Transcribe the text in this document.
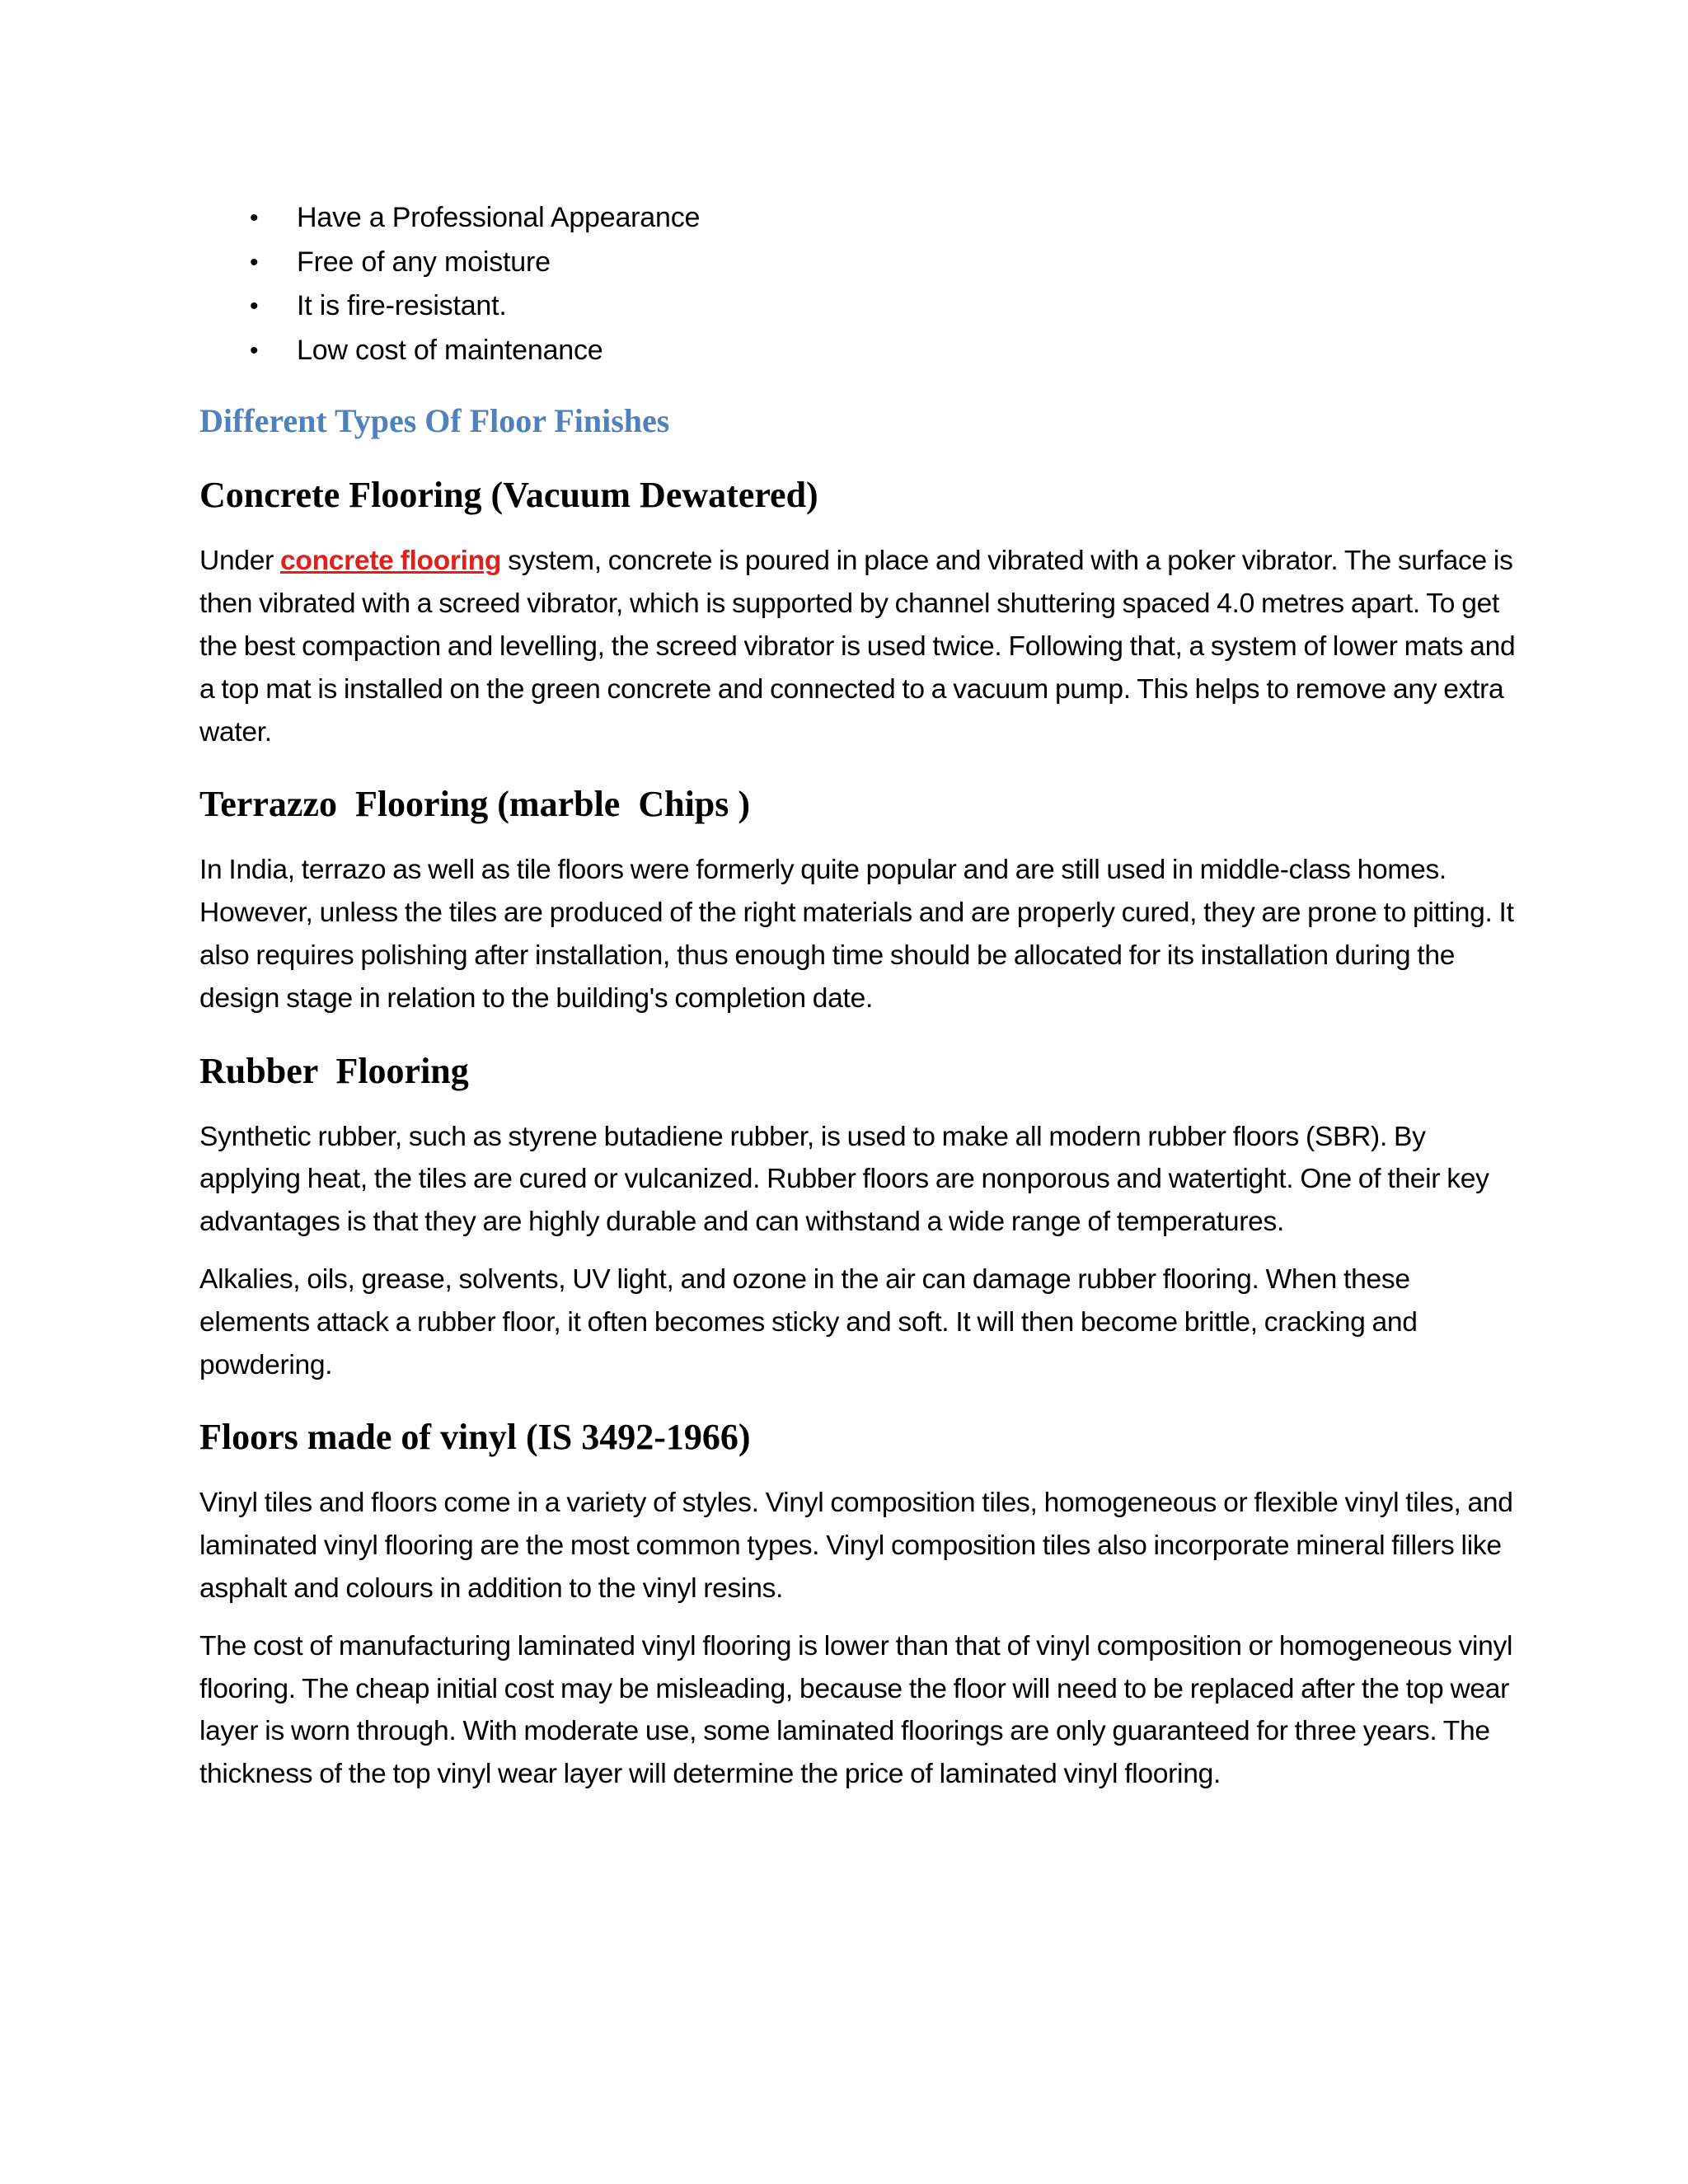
• Have a Professional Appearance
• Free of any moisture
• It is fire-resistant.
• Low cost of maintenance
Different Types Of Floor Finishes
Concrete Flooring (Vacuum Dewatered)

Under concrete flooring system, concrete is poured in place and vibrated with a poker vibrator. The surface is then vibrated with a screed vibrator, which is supported by channel shuttering spaced 4.0 metres apart. To get the best compaction and levelling, the screed vibrator is used twice. Following that, a system of lower mats and a top mat is installed on the green concrete and connected to a vacuum pump. This helps to remove any extra water.

Terrazzo  Flooring (marble  Chips )

In India, terrazo as well as tile floors were formerly quite popular and are still used in middle-class homes. However, unless the tiles are produced of the right materials and are properly cured, they are prone to pitting. It also requires polishing after installation, thus enough time should be allocated for its installation during the design stage in relation to the building's completion date.

Rubber  Flooring

Synthetic rubber, such as styrene butadiene rubber, is used to make all modern rubber floors (SBR). By applying heat, the tiles are cured or vulcanized. Rubber floors are nonporous and watertight. One of their key advantages is that they are highly durable and can withstand a wide range of temperatures.

Alkalies, oils, grease, solvents, UV light, and ozone in the air can damage rubber flooring. When these elements attack a rubber floor, it often becomes sticky and soft. It will then become brittle, cracking and powdering.

Floors made of vinyl (IS 3492-1966)

Vinyl tiles and floors come in a variety of styles. Vinyl composition tiles, homogeneous or flexible vinyl tiles, and laminated vinyl flooring are the most common types. Vinyl composition tiles also incorporate mineral fillers like asphalt and colours in addition to the vinyl resins.

The cost of manufacturing laminated vinyl flooring is lower than that of vinyl composition or homogeneous vinyl flooring. The cheap initial cost may be misleading, because the floor will need to be replaced after the top wear layer is worn through. With moderate use, some laminated floorings are only guaranteed for three years. The thickness of the top vinyl wear layer will determine the price of laminated vinyl flooring.
